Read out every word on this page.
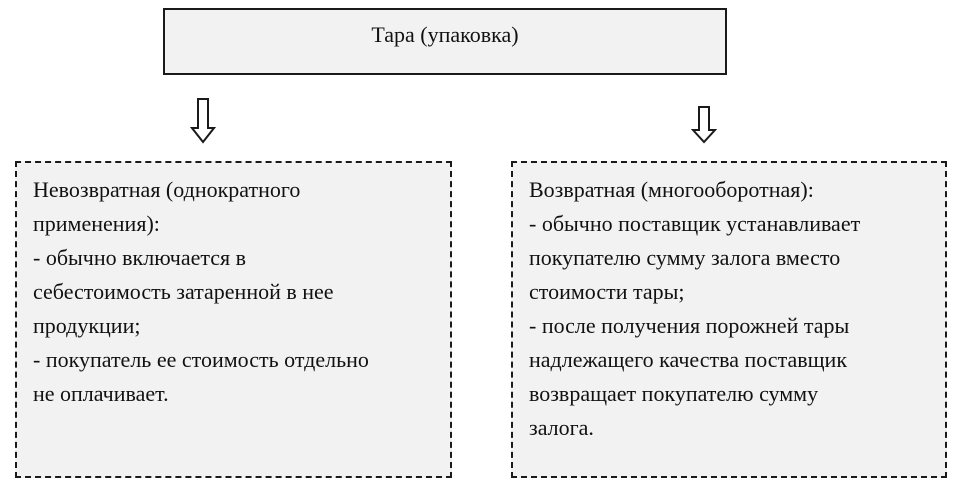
Тара (упаковка)
Невозвратная (однократного
применения):
- обычно включается в
себестоимость затаренной в нее
продукции;
- покупатель ее стоимость отдельно
не оплачивает.
Возвратная (многооборотная):
- обычно поставщик устанавливает
покупателю сумму залога вместо
стоимости тары;
- после получения порожней тары
надлежащего качества поставщик
возвращает покупателю сумму
залога.
